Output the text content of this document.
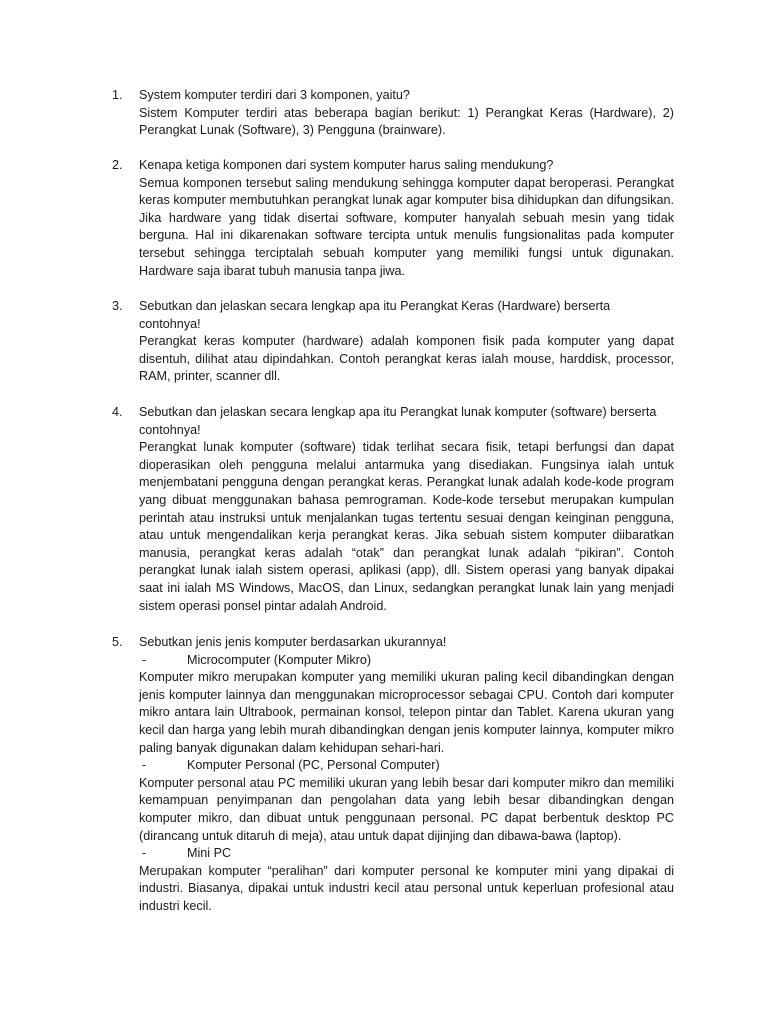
1.	System komputer terdiri dari 3 komponen, yaitu?

Sistem Komputer terdiri atas beberapa bagian berikut: 1) Perangkat Keras (Hardware), 2) Perangkat Lunak (Software), 3) Pengguna (brainware).

2.	Kenapa ketiga komponen dari system komputer harus saling mendukung?

Semua komponen tersebut saling mendukung sehingga komputer dapat beroperasi. Perangkat keras komputer membutuhkan perangkat lunak agar komputer bisa dihidupkan dan difungsikan. Jika hardware yang tidak disertai software, komputer hanyalah sebuah mesin yang tidak berguna. Hal ini dikarenakan software tercipta untuk menulis fungsionalitas pada komputer tersebut sehingga terciptalah sebuah komputer yang memiliki fungsi untuk digunakan. Hardware saja ibarat tubuh manusia tanpa jiwa.

3.	Sebutkan dan jelaskan secara lengkap apa itu Perangkat Keras (Hardware) berserta contohnya!

Perangkat keras komputer (hardware) adalah komponen fisik pada komputer yang dapat disentuh, dilihat atau dipindahkan. Contoh perangkat keras ialah mouse, harddisk, processor, RAM, printer, scanner dll.

4.	Sebutkan dan jelaskan secara lengkap apa itu Perangkat lunak komputer (software) berserta contohnya!

Perangkat lunak komputer (software) tidak terlihat secara fisik, tetapi berfungsi dan dapat dioperasikan oleh pengguna melalui antarmuka yang disediakan. Fungsinya ialah untuk menjembatani pengguna dengan perangkat keras. Perangkat lunak adalah kode-kode program yang dibuat menggunakan bahasa pemrograman. Kode-kode tersebut merupakan kumpulan perintah atau instruksi untuk menjalankan tugas tertentu sesuai dengan keinginan pengguna, atau untuk mengendalikan kerja perangkat keras. Jika sebuah sistem komputer diibaratkan manusia, perangkat keras adalah “otak” dan perangkat lunak adalah “pikiran”. Contoh perangkat lunak ialah sistem operasi, aplikasi (app), dll. Sistem operasi yang banyak dipakai saat ini ialah MS Windows, MacOS, dan Linux, sedangkan perangkat lunak lain yang menjadi sistem operasi ponsel pintar adalah Android.

5.	Sebutkan jenis jenis komputer berdasarkan ukurannya!

-	Microcomputer (Komputer Mikro)

Komputer mikro merupakan komputer yang memiliki ukuran paling kecil dibandingkan dengan jenis komputer lainnya dan menggunakan microprocessor sebagai CPU. Contoh dari komputer mikro antara lain Ultrabook, permainan konsol, telepon pintar dan Tablet. Karena ukuran yang kecil dan harga yang lebih murah dibandingkan dengan jenis komputer lainnya, komputer mikro paling banyak digunakan dalam kehidupan sehari-hari.

-	Komputer Personal (PC, Personal Computer)

Komputer personal atau PC memiliki ukuran yang lebih besar dari komputer mikro dan memiliki kemampuan penyimpanan dan pengolahan data yang lebih besar dibandingkan dengan komputer mikro, dan dibuat untuk penggunaan personal. PC dapat berbentuk desktop PC (dirancang untuk ditaruh di meja), atau untuk dapat dijinjing dan dibawa-bawa (laptop).

-	Mini PC

Merupakan komputer “peralihan” dari komputer personal ke komputer mini yang dipakai di industri. Biasanya, dipakai untuk industri kecil atau personal untuk keperluan profesional atau industri kecil.
